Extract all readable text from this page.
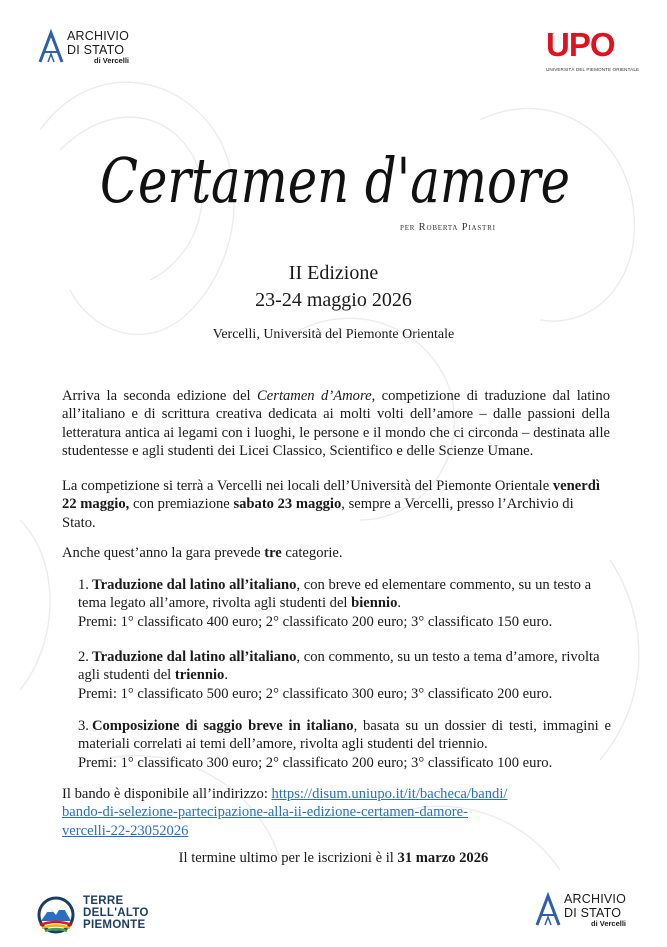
ARCHIVIO
DI STATO
di Vercelli	UPO
UNIVERSITÀ DEL PIEMONTE ORIENTALE
Certamen d'amore
per Roberta Piastri
II Edizione
23-24 maggio 2026
Vercelli, Università del Piemonte Orientale

Arriva la seconda edizione del Certamen d’Amore, competizione di traduzione dal latino all’italiano e di scrittura creativa dedicata ai molti volti dell’amore – dalle passioni della letteratura antica ai legami con i luoghi, le persone e il mondo che ci circonda – destinata alle studentesse e agli studenti dei Licei Classico, Scientifico e delle Scienze Umane.

La competizione si terrà a Vercelli nei locali dell’Università del Piemonte Orientale venerdì 22 maggio, con premiazione sabato 23 maggio, sempre a Vercelli, presso l’Archivio di Stato.

Anche quest’anno la gara prevede tre categorie.

1. Traduzione dal latino all’italiano, con breve ed elementare commento, su un testo a tema legato all’amore, rivolta agli studenti del biennio.
Premi: 1° classificato 400 euro; 2° classificato 200 euro; 3° classificato 150 euro.
2. Traduzione dal latino all’italiano, con commento, su un testo a tema d’amore, rivolta agli studenti del triennio.
Premi: 1° classificato 500 euro; 2° classificato 300 euro; 3° classificato 200 euro.
3. Composizione di saggio breve in italiano, basata su un dossier di testi, immagini e materiali correlati ai temi dell’amore, rivolta agli studenti del triennio.
Premi: 1° classificato 300 euro; 2° classificato 200 euro; 3° classificato 100 euro.

Il bando è disponibile all’indirizzo: https://disum.uniupo.it/it/bacheca/bandi/
bando-di-selezione-partecipazione-alla-ii-edizione-certamen-damore-
vercelli-22-23052026

Il termine ultimo per le iscrizioni è il 31 marzo 2026

TERRE
DELL'ALTO
PIEMONTE
ARCHIVIO
DI STATO
di Vercelli
